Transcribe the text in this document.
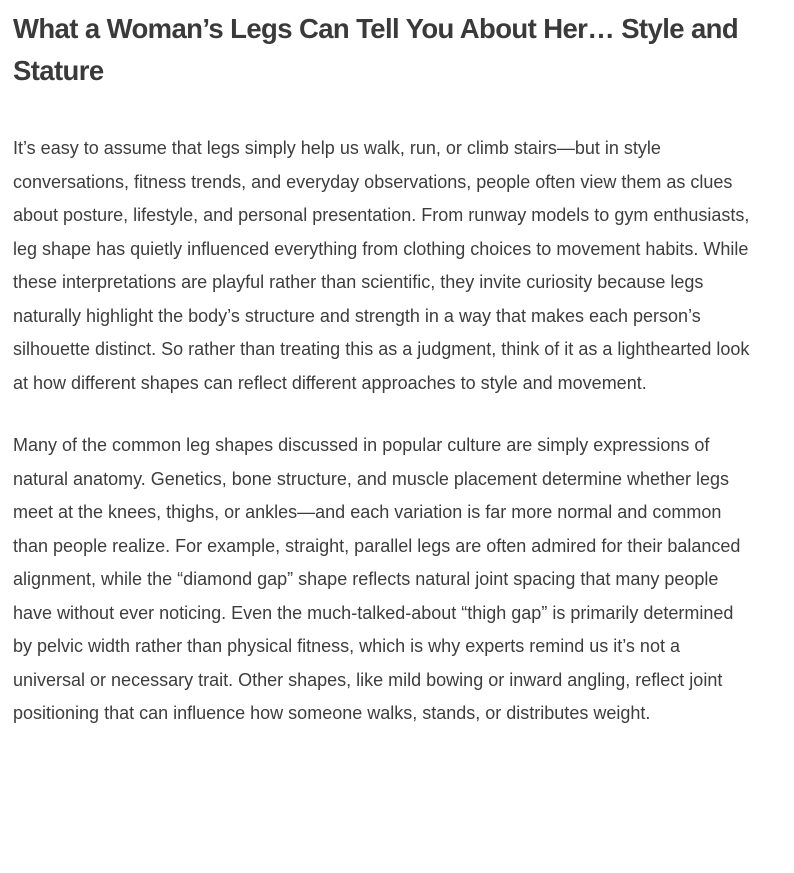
What a Woman’s Legs Can Tell You About Her… Style and Stature

It’s easy to assume that legs simply help us walk, run, or climb stairs—but in style conversations, fitness trends, and everyday observations, people often view them as clues about posture, lifestyle, and personal presentation. From runway models to gym enthusiasts, leg shape has quietly influenced everything from clothing choices to movement habits. While these interpretations are playful rather than scientific, they invite curiosity because legs naturally highlight the body’s structure and strength in a way that makes each person’s silhouette distinct. So rather than treating this as a judgment, think of it as a lighthearted look at how different shapes can reflect different approaches to style and movement.

Many of the common leg shapes discussed in popular culture are simply expressions of natural anatomy. Genetics, bone structure, and muscle placement determine whether legs meet at the knees, thighs, or ankles—and each variation is far more normal and common than people realize. For example, straight, parallel legs are often admired for their balanced alignment, while the “diamond gap” shape reflects natural joint spacing that many people have without ever noticing. Even the much-talked-about “thigh gap” is primarily determined by pelvic width rather than physical fitness, which is why experts remind us it’s not a universal or necessary trait. Other shapes, like mild bowing or inward angling, reflect joint positioning that can influence how someone walks, stands, or distributes weight.
